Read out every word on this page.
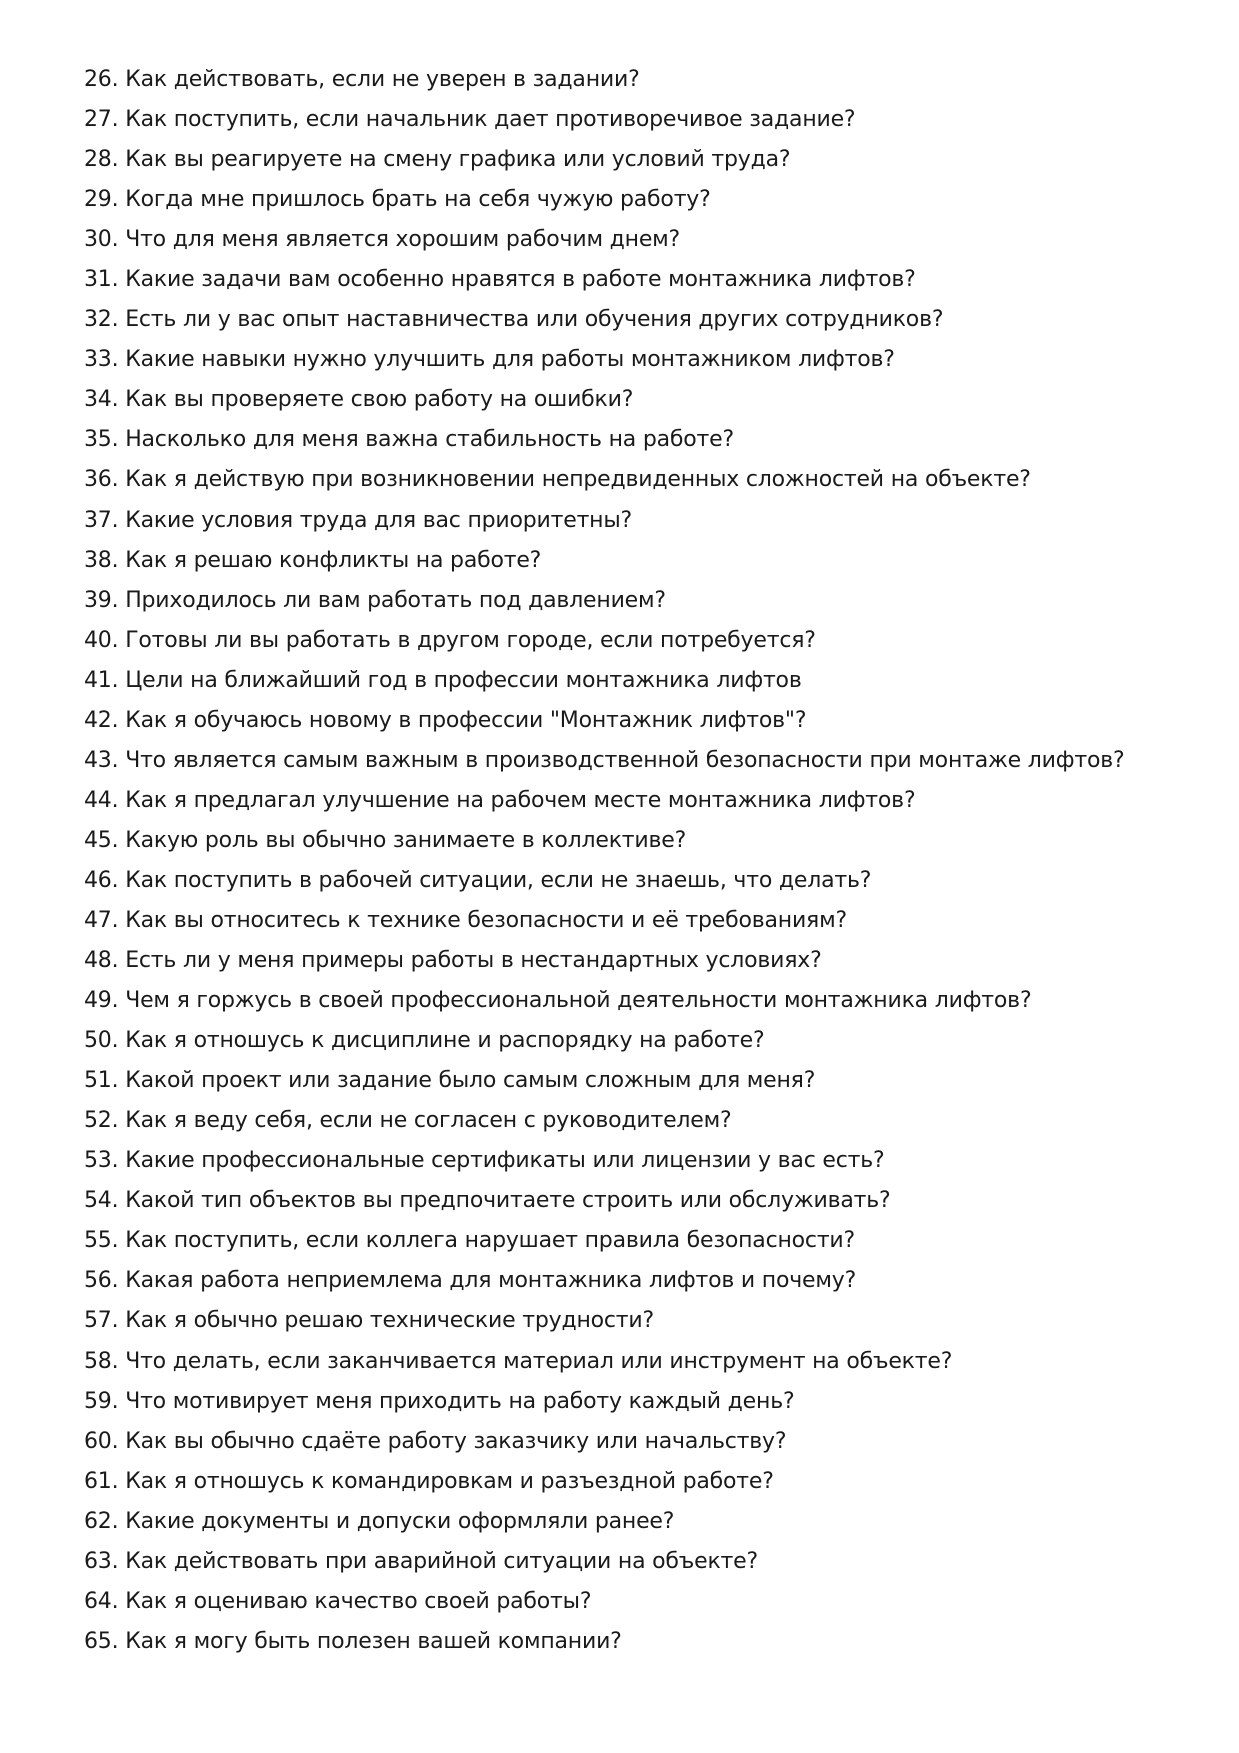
26. Как действовать, если не уверен в задании?
27. Как поступить, если начальник дает противоречивое задание?
28. Как вы реагируете на смену графика или условий труда?
29. Когда мне пришлось брать на себя чужую работу?
30. Что для меня является хорошим рабочим днем?
31. Какие задачи вам особенно нравятся в работе монтажника лифтов?
32. Есть ли у вас опыт наставничества или обучения других сотрудников?
33. Какие навыки нужно улучшить для работы монтажником лифтов?
34. Как вы проверяете свою работу на ошибки?
35. Насколько для меня важна стабильность на работе?
36. Как я действую при возникновении непредвиденных сложностей на объекте?
37. Какие условия труда для вас приоритетны?
38. Как я решаю конфликты на работе?
39. Приходилось ли вам работать под давлением?
40. Готовы ли вы работать в другом городе, если потребуется?
41. Цели на ближайший год в профессии монтажника лифтов
42. Как я обучаюсь новому в профессии "Монтажник лифтов"?
43. Что является самым важным в производственной безопасности при монтаже лифтов?
44. Как я предлагал улучшение на рабочем месте монтажника лифтов?
45. Какую роль вы обычно занимаете в коллективе?
46. Как поступить в рабочей ситуации, если не знаешь, что делать?
47. Как вы относитесь к технике безопасности и её требованиям?
48. Есть ли у меня примеры работы в нестандартных условиях?
49. Чем я горжусь в своей профессиональной деятельности монтажника лифтов?
50. Как я отношусь к дисциплине и распорядку на работе?
51. Какой проект или задание было самым сложным для меня?
52. Как я веду себя, если не согласен с руководителем?
53. Какие профессиональные сертификаты или лицензии у вас есть?
54. Какой тип объектов вы предпочитаете строить или обслуживать?
55. Как поступить, если коллега нарушает правила безопасности?
56. Какая работа неприемлема для монтажника лифтов и почему?
57. Как я обычно решаю технические трудности?
58. Что делать, если заканчивается материал или инструмент на объекте?
59. Что мотивирует меня приходить на работу каждый день?
60. Как вы обычно сдаёте работу заказчику или начальству?
61. Как я отношусь к командировкам и разъездной работе?
62. Какие документы и допуски оформляли ранее?
63. Как действовать при аварийной ситуации на объекте?
64. Как я оцениваю качество своей работы?
65. Как я могу быть полезен вашей компании?
